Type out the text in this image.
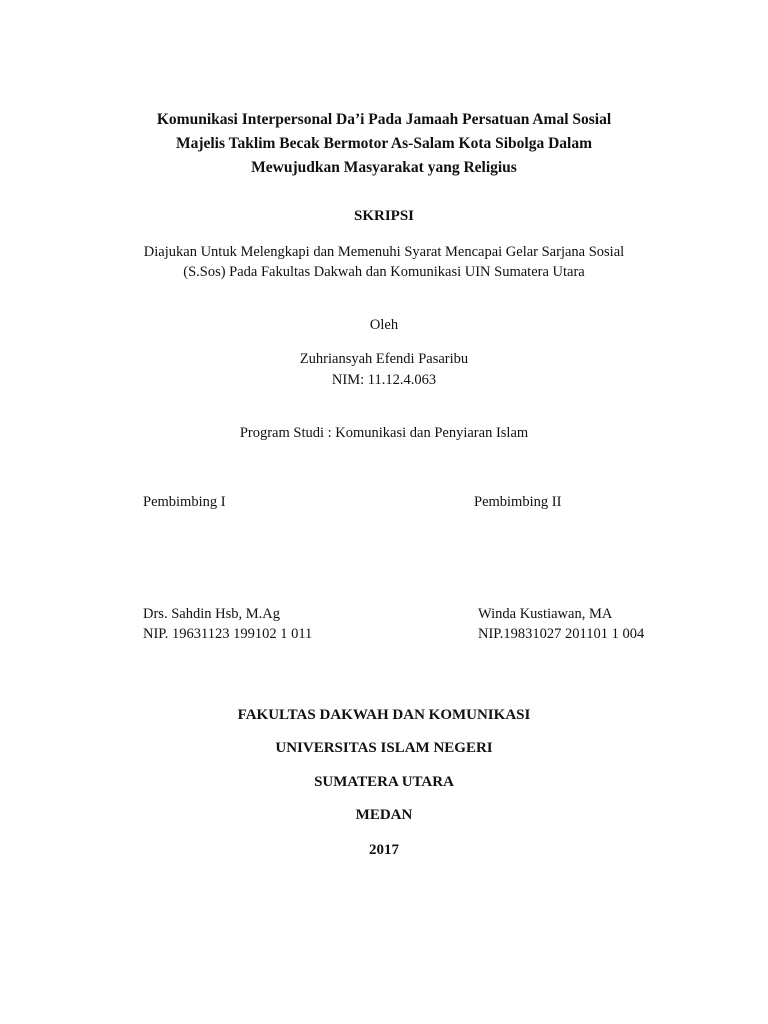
Komunikasi Interpersonal Da’i Pada Jamaah Persatuan Amal Sosial
Majelis Taklim Becak Bermotor As-Salam Kota Sibolga Dalam
Mewujudkan Masyarakat yang Religius
SKRIPSI
Diajukan Untuk Melengkapi dan Memenuhi Syarat Mencapai Gelar Sarjana Sosial
(S.Sos) Pada Fakultas Dakwah dan Komunikasi UIN Sumatera Utara
Oleh
Zuhriansyah Efendi Pasaribu
NIM: 11.12.4.063
Program Studi : Komunikasi dan Penyiaran Islam
Pembimbing I	Pembimbing II
Drs. Sahdin Hsb, M.Ag
NIP. 19631123 199102 1 011
Winda Kustiawan, MA
NIP.19831027 201101 1 004
FAKULTAS DAKWAH DAN KOMUNIKASI
UNIVERSITAS ISLAM NEGERI
SUMATERA UTARA
MEDAN
2017
